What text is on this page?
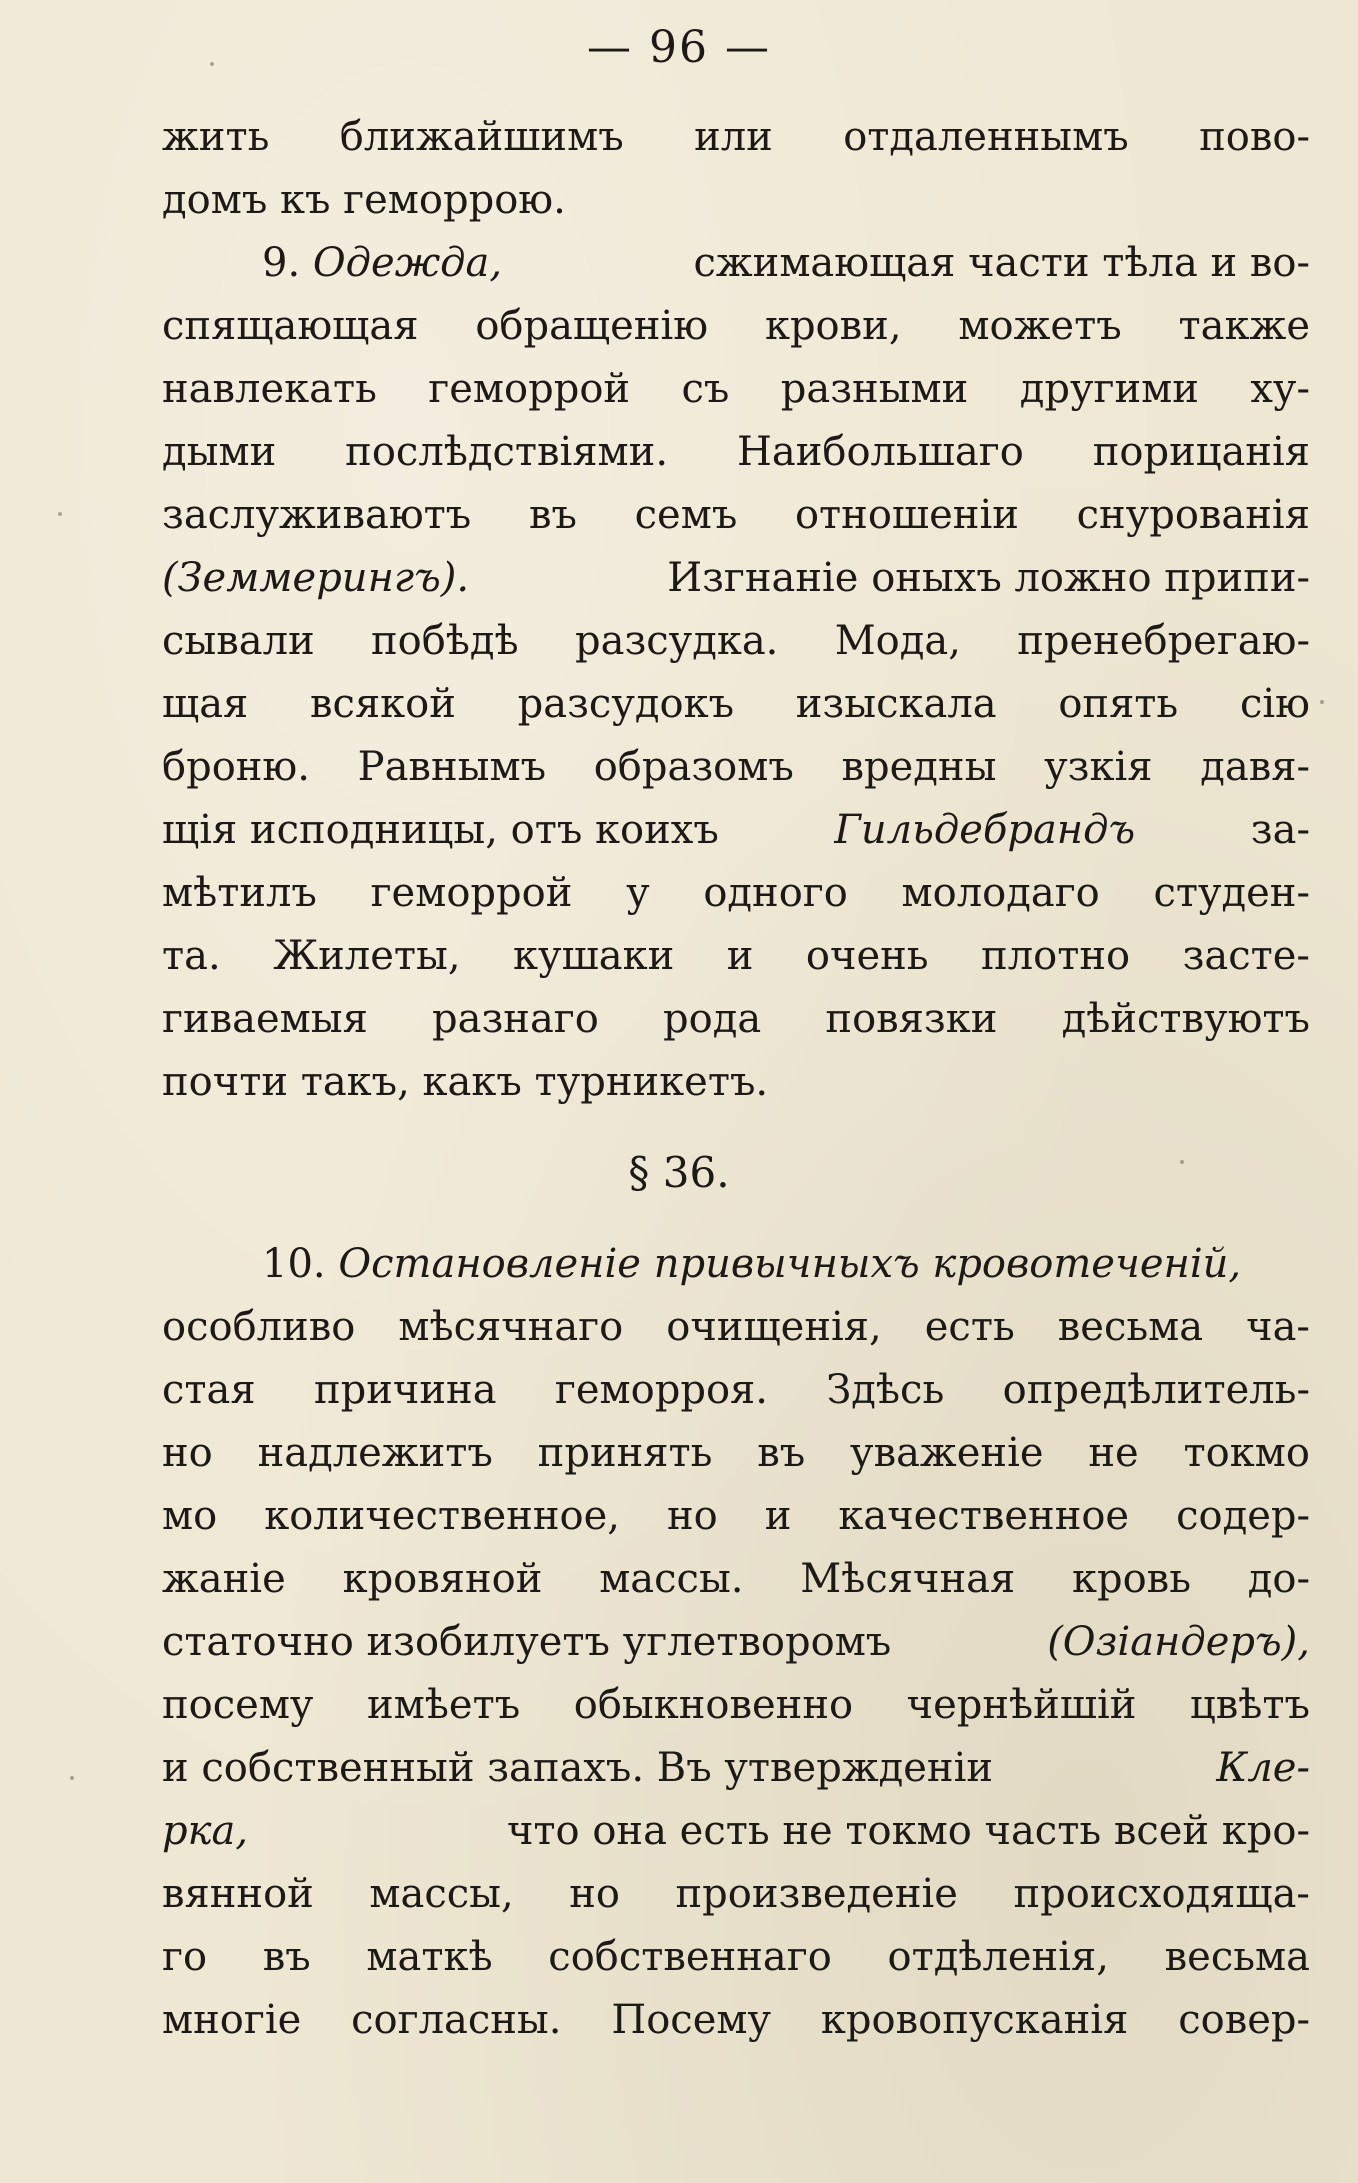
— 96 —
жить ближайшимъ или отдаленнымъ пово-
домъ къ геморрою.
9. Одежда,	сжимающая части тѣла и во-
спящающая обращенію крови, можетъ также
навлекать геморрой съ разными другими ху-
дыми послѣдствіями. Наибольшаго порицанія
заслуживаютъ въ семъ отношеніи снурованія
(Земмерингъ).	Изгнаніе оныхъ ложно припи-
сывали побѣдѣ разсудка. Мода, пренебрегаю-
щая всякой разсудокъ изыскала опять сію
броню. Равнымъ образомъ вредны узкія давя-
щія исподницы, отъ коихъ	Гильдебрандъ	за-
мѣтилъ геморрой у одного молодаго студен-
та. Жилеты, кушаки и очень плотно засте-
гиваемыя разнаго рода повязки дѣйствуютъ
почти такъ, какъ турникетъ.
§ 36.
10. Остановленіе привычныхъ кровотеченій,
особливо мѣсячнаго очищенія, есть весьма ча-
стая причина геморроя. Здѣсь опредѣлитель-
но надлежитъ принять въ уваженіе не токмо
мо количественное, но и качественное содер-
жаніе кровяной массы. Мѣсячная кровь до-
статочно изобилуетъ углетворомъ	(Озіандеръ),
посему имѣетъ обыкновенно чернѣйшій цвѣтъ
и собственный запахъ. Въ утвержденіи	Кле-
рка,	что она есть не токмо часть всей кро-
вянной массы, но произведеніе происходяща-
го въ маткѣ собственнаго отдѣленія, весьма
многіе согласны. Посему кровопусканія совер-
